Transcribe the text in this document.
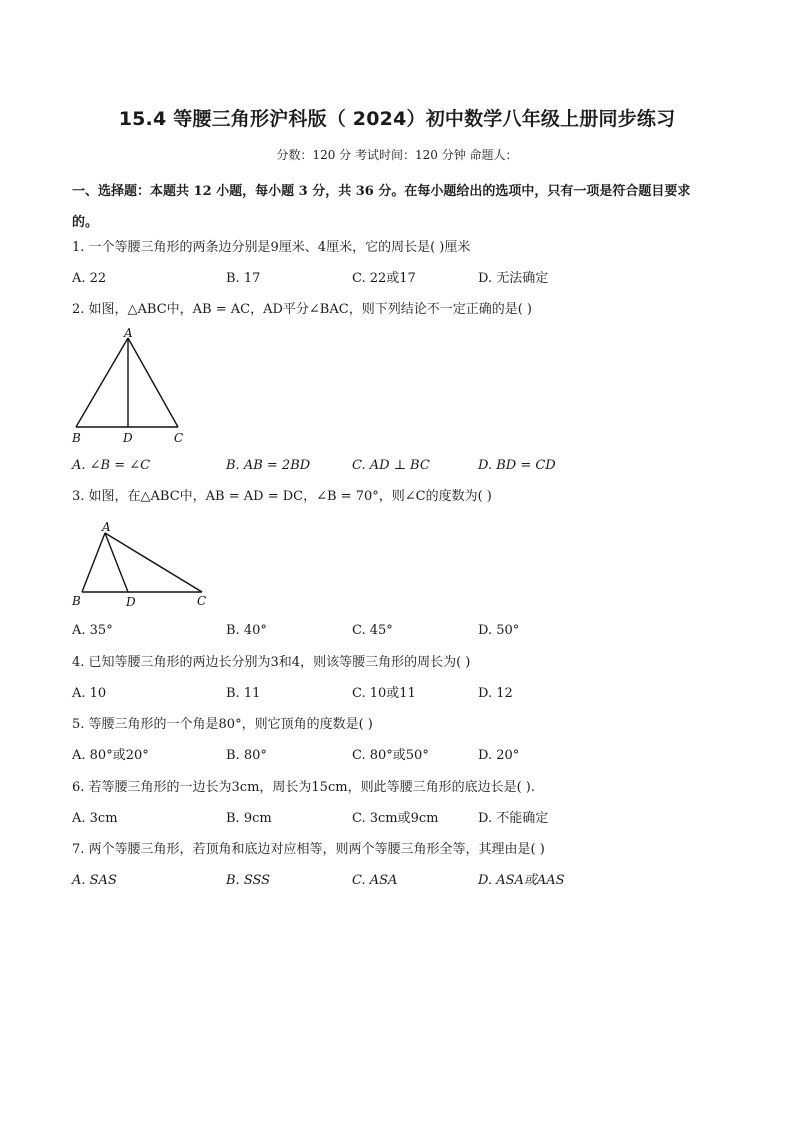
15.4 等腰三角形沪科版（ 2024）初中数学八年级上册同步练习
分数：120 分 考试时间：120 分钟 命题人：
一、选择题：本题共 12 小题，每小题 3 分，共 36 分。在每小题给出的选项中，只有一项是符合题目要求
的。
1. 一个等腰三角形的两条边分别是9厘米、4厘米，它的周长是( )厘米
A. 22	B. 17	C. 22或17	D. 无法确定
2. 如图，△ABC中，AB = AC，AD平分∠BAC，则下列结论不一定正确的是( )
A
B	D	C
A. ∠B = ∠C	B. AB = 2BD	C. AD ⊥ BC	D. BD = CD
3. 如图，在△ABC中，AB = AD = DC，∠B = 70°，则∠C的度数为( )
A
B	D	C
A. 35°	B. 40°	C. 45°	D. 50°
4. 已知等腰三角形的两边长分别为3和4，则该等腰三角形的周长为( )
A. 10	B. 11	C. 10或11	D. 12
5. 等腰三角形的一个角是80°，则它顶角的度数是( )
A. 80°或20°	B. 80°	C. 80°或50°	D. 20°
6. 若等腰三角形的一边长为3cm，周长为15cm，则此等腰三角形的底边长是( ).
A. 3cm	B. 9cm	C. 3cm或9cm	D. 不能确定
7. 两个等腰三角形，若顶角和底边对应相等，则两个等腰三角形全等，其理由是( )
A. SAS	B. SSS	C. ASA	D. ASA或AAS
